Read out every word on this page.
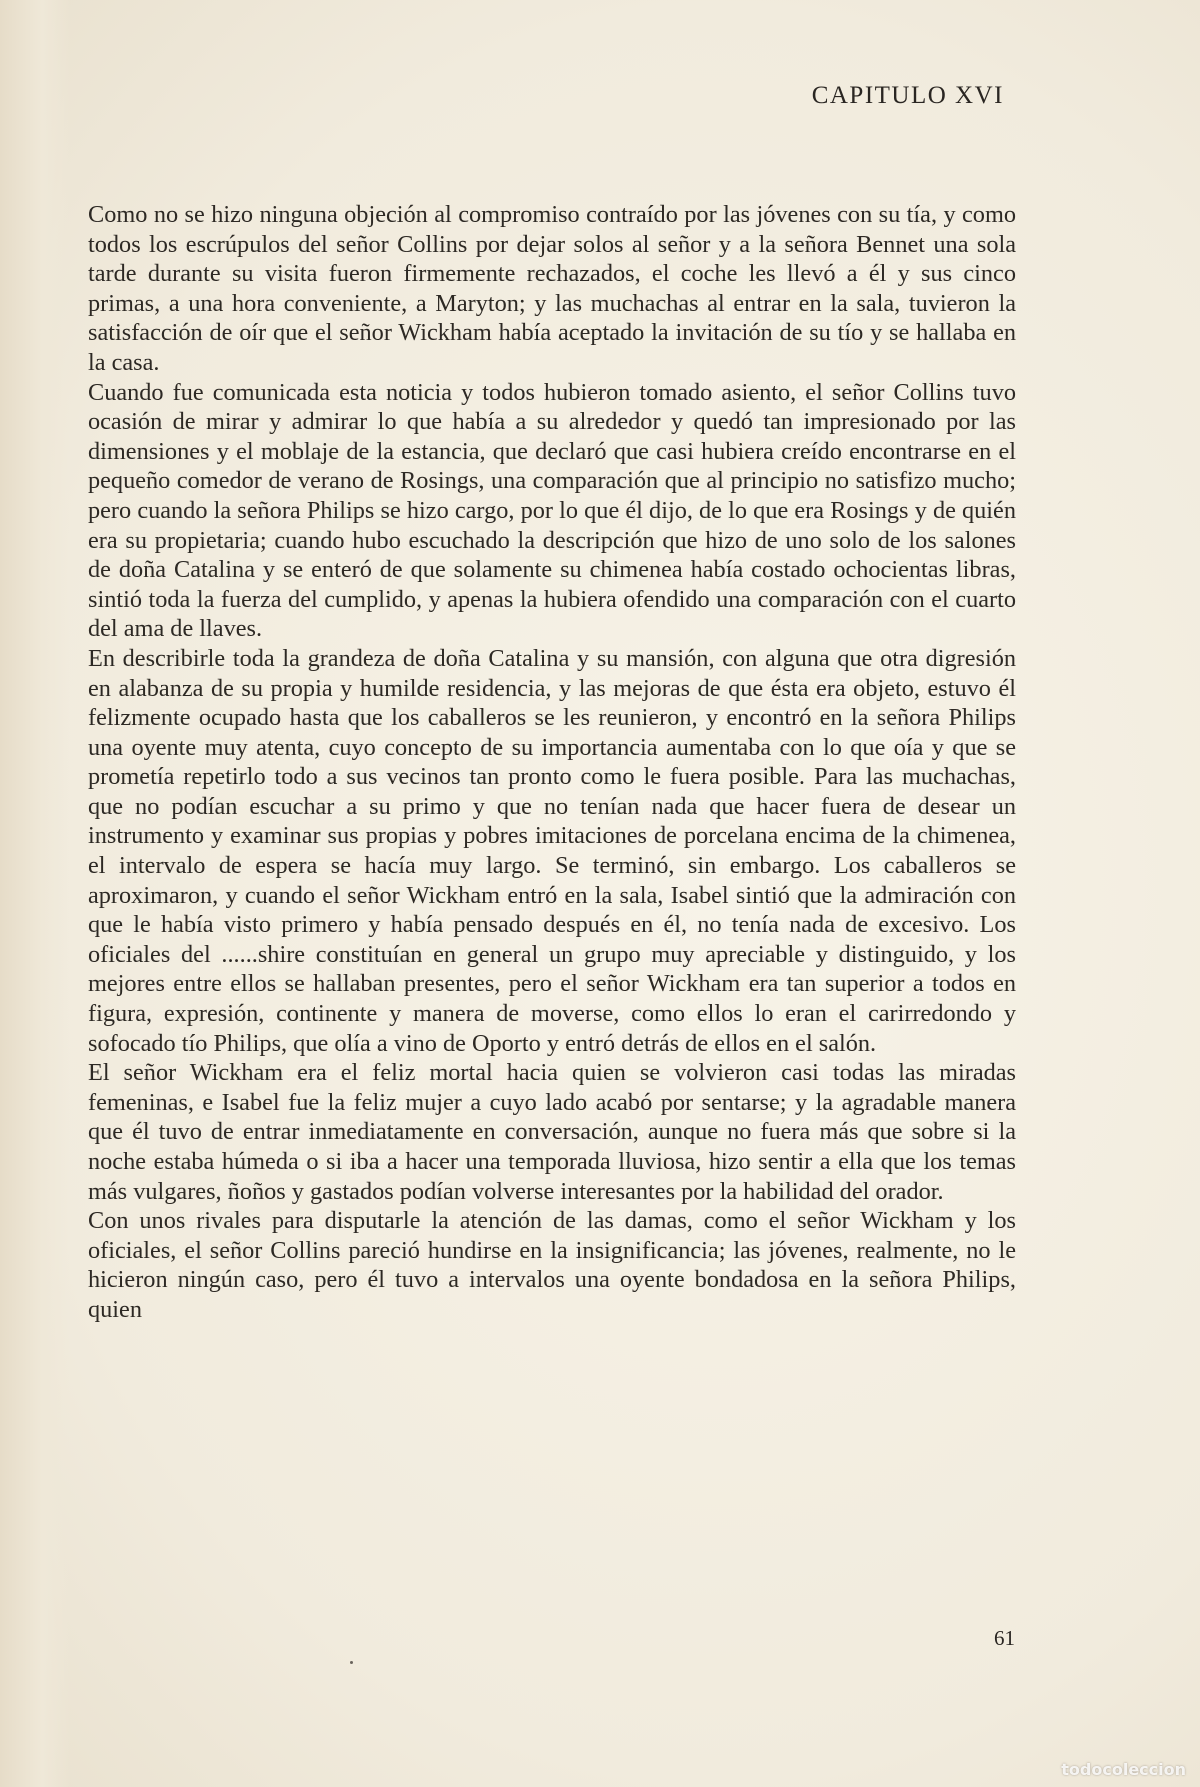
CAPITULO XVI

Como no se hizo ninguna objeción al compromiso contraído por las jóvenes con su tía, y como todos los escrúpulos del señor Collins por dejar solos al señor y a la señora Bennet una sola tarde durante su visita fueron firmemente rechazados, el coche les llevó a él y sus cinco primas, a una hora conveniente, a Maryton; y las muchachas al entrar en la sala, tuvieron la satisfacción de oír que el señor Wickham había aceptado la invitación de su tío y se hallaba en la casa.

Cuando fue comunicada esta noticia y todos hubieron tomado asiento, el señor Collins tuvo ocasión de mirar y admirar lo que había a su alrededor y quedó tan impresionado por las dimensiones y el moblaje de la estancia, que declaró que casi hubiera creído encontrarse en el pequeño comedor de verano de Rosings, una comparación que al principio no satisfizo mucho; pero cuando la señora Philips se hizo cargo, por lo que él dijo, de lo que era Rosings y de quién era su propietaria; cuando hubo escuchado la descripción que hizo de uno solo de los salones de doña Catalina y se enteró de que solamente su chimenea había costado ochocientas libras, sintió toda la fuerza del cumplido, y apenas la hubiera ofendido una comparación con el cuarto del ama de llaves.

En describirle toda la grandeza de doña Catalina y su mansión, con alguna que otra digresión en alabanza de su propia y humilde residencia, y las mejoras de que ésta era objeto, estuvo él felizmente ocupado hasta que los caballeros se les reunieron, y encontró en la señora Philips una oyente muy atenta, cuyo concepto de su importancia aumentaba con lo que oía y que se prometía repetirlo todo a sus vecinos tan pronto como le fuera posible. Para las muchachas, que no podían escuchar a su primo y que no tenían nada que hacer fuera de desear un instrumento y examinar sus propias y pobres imitaciones de porcelana encima de la chimenea, el intervalo de espera se hacía muy largo. Se terminó, sin embargo. Los caballeros se aproximaron, y cuando el señor Wickham entró en la sala, Isabel sintió que la admiración con que le había visto primero y había pensado después en él, no tenía nada de excesivo. Los oficiales del ......shire constituían en general un grupo muy apreciable y distinguido, y los mejores entre ellos se hallaban presentes, pero el señor Wickham era tan superior a todos en figura, expresión, continente y manera de moverse, como ellos lo eran el carirredondo y sofocado tío Philips, que olía a vino de Oporto y entró detrás de ellos en el salón.

El señor Wickham era el feliz mortal hacia quien se volvieron casi todas las miradas femeninas, e Isabel fue la feliz mujer a cuyo lado acabó por sentarse; y la agradable manera que él tuvo de entrar inmediatamente en conversación, aunque no fuera más que sobre si la noche estaba húmeda o si iba a hacer una temporada lluviosa, hizo sentir a ella que los temas más vulgares, ñoños y gastados podían volverse interesantes por la habilidad del orador.

Con unos rivales para disputarle la atención de las damas, como el señor Wickham y los oficiales, el señor Collins pareció hundirse en la insignificancia; las jóvenes, realmente, no le hicieron ningún caso, pero él tuvo a intervalos una oyente bondadosa en la señora Philips, quien

61
todocoleccion
